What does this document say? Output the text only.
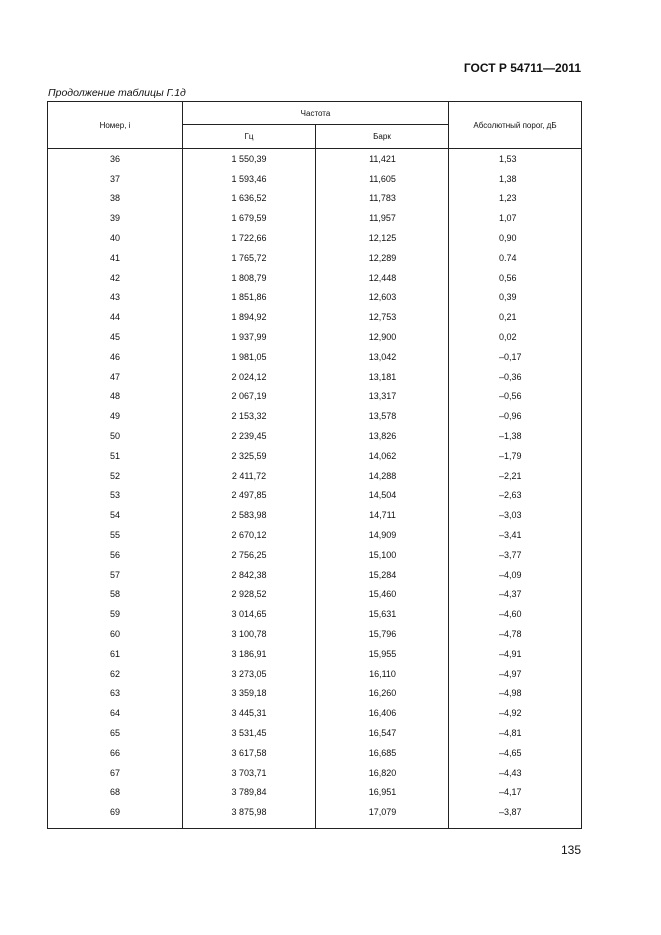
ГОСТ Р 54711—2011
Продолжение таблицы Г.1д
Номер, i
Частота
Гц	Барк
Абсолютный порог, дБ
36	1 550,39	11,421	1,53
37	1 593,46	11,605	1,38
38	1 636,52	11,783	1,23
39	1 679,59	11,957	1,07
40	1 722,66	12,125	0,90
41	1 765,72	12,289	0.74
42	1 808,79	12,448	0,56
43	1 851,86	12,603	0,39
44	1 894,92	12,753	0,21
45	1 937,99	12,900	0,02
46	1 981,05	13,042	–0,17
47	2 024,12	13,181	–0,36
48	2 067,19	13,317	–0,56
49	2 153,32	13,578	–0,96
50	2 239,45	13,826	–1,38
51	2 325,59	14,062	–1,79
52	2 411,72	14,288	–2,21
53	2 497,85	14,504	–2,63
54	2 583,98	14,711	–3,03
55	2 670,12	14,909	–3,41
56	2 756,25	15,100	–3,77
57	2 842,38	15,284	–4,09
58	2 928,52	15,460	–4,37
59	3 014,65	15,631	–4,60
60	3 100,78	15,796	–4,78
61	3 186,91	15,955	–4,91
62	3 273,05	16,110	–4,97
63	3 359,18	16,260	–4,98
64	3 445,31	16,406	–4,92
65	3 531,45	16,547	–4,81
66	3 617,58	16,685	–4,65
67	3 703,71	16,820	–4,43
68	3 789,84	16,951	–4,17
69	3 875,98	17,079	–3,87
135
